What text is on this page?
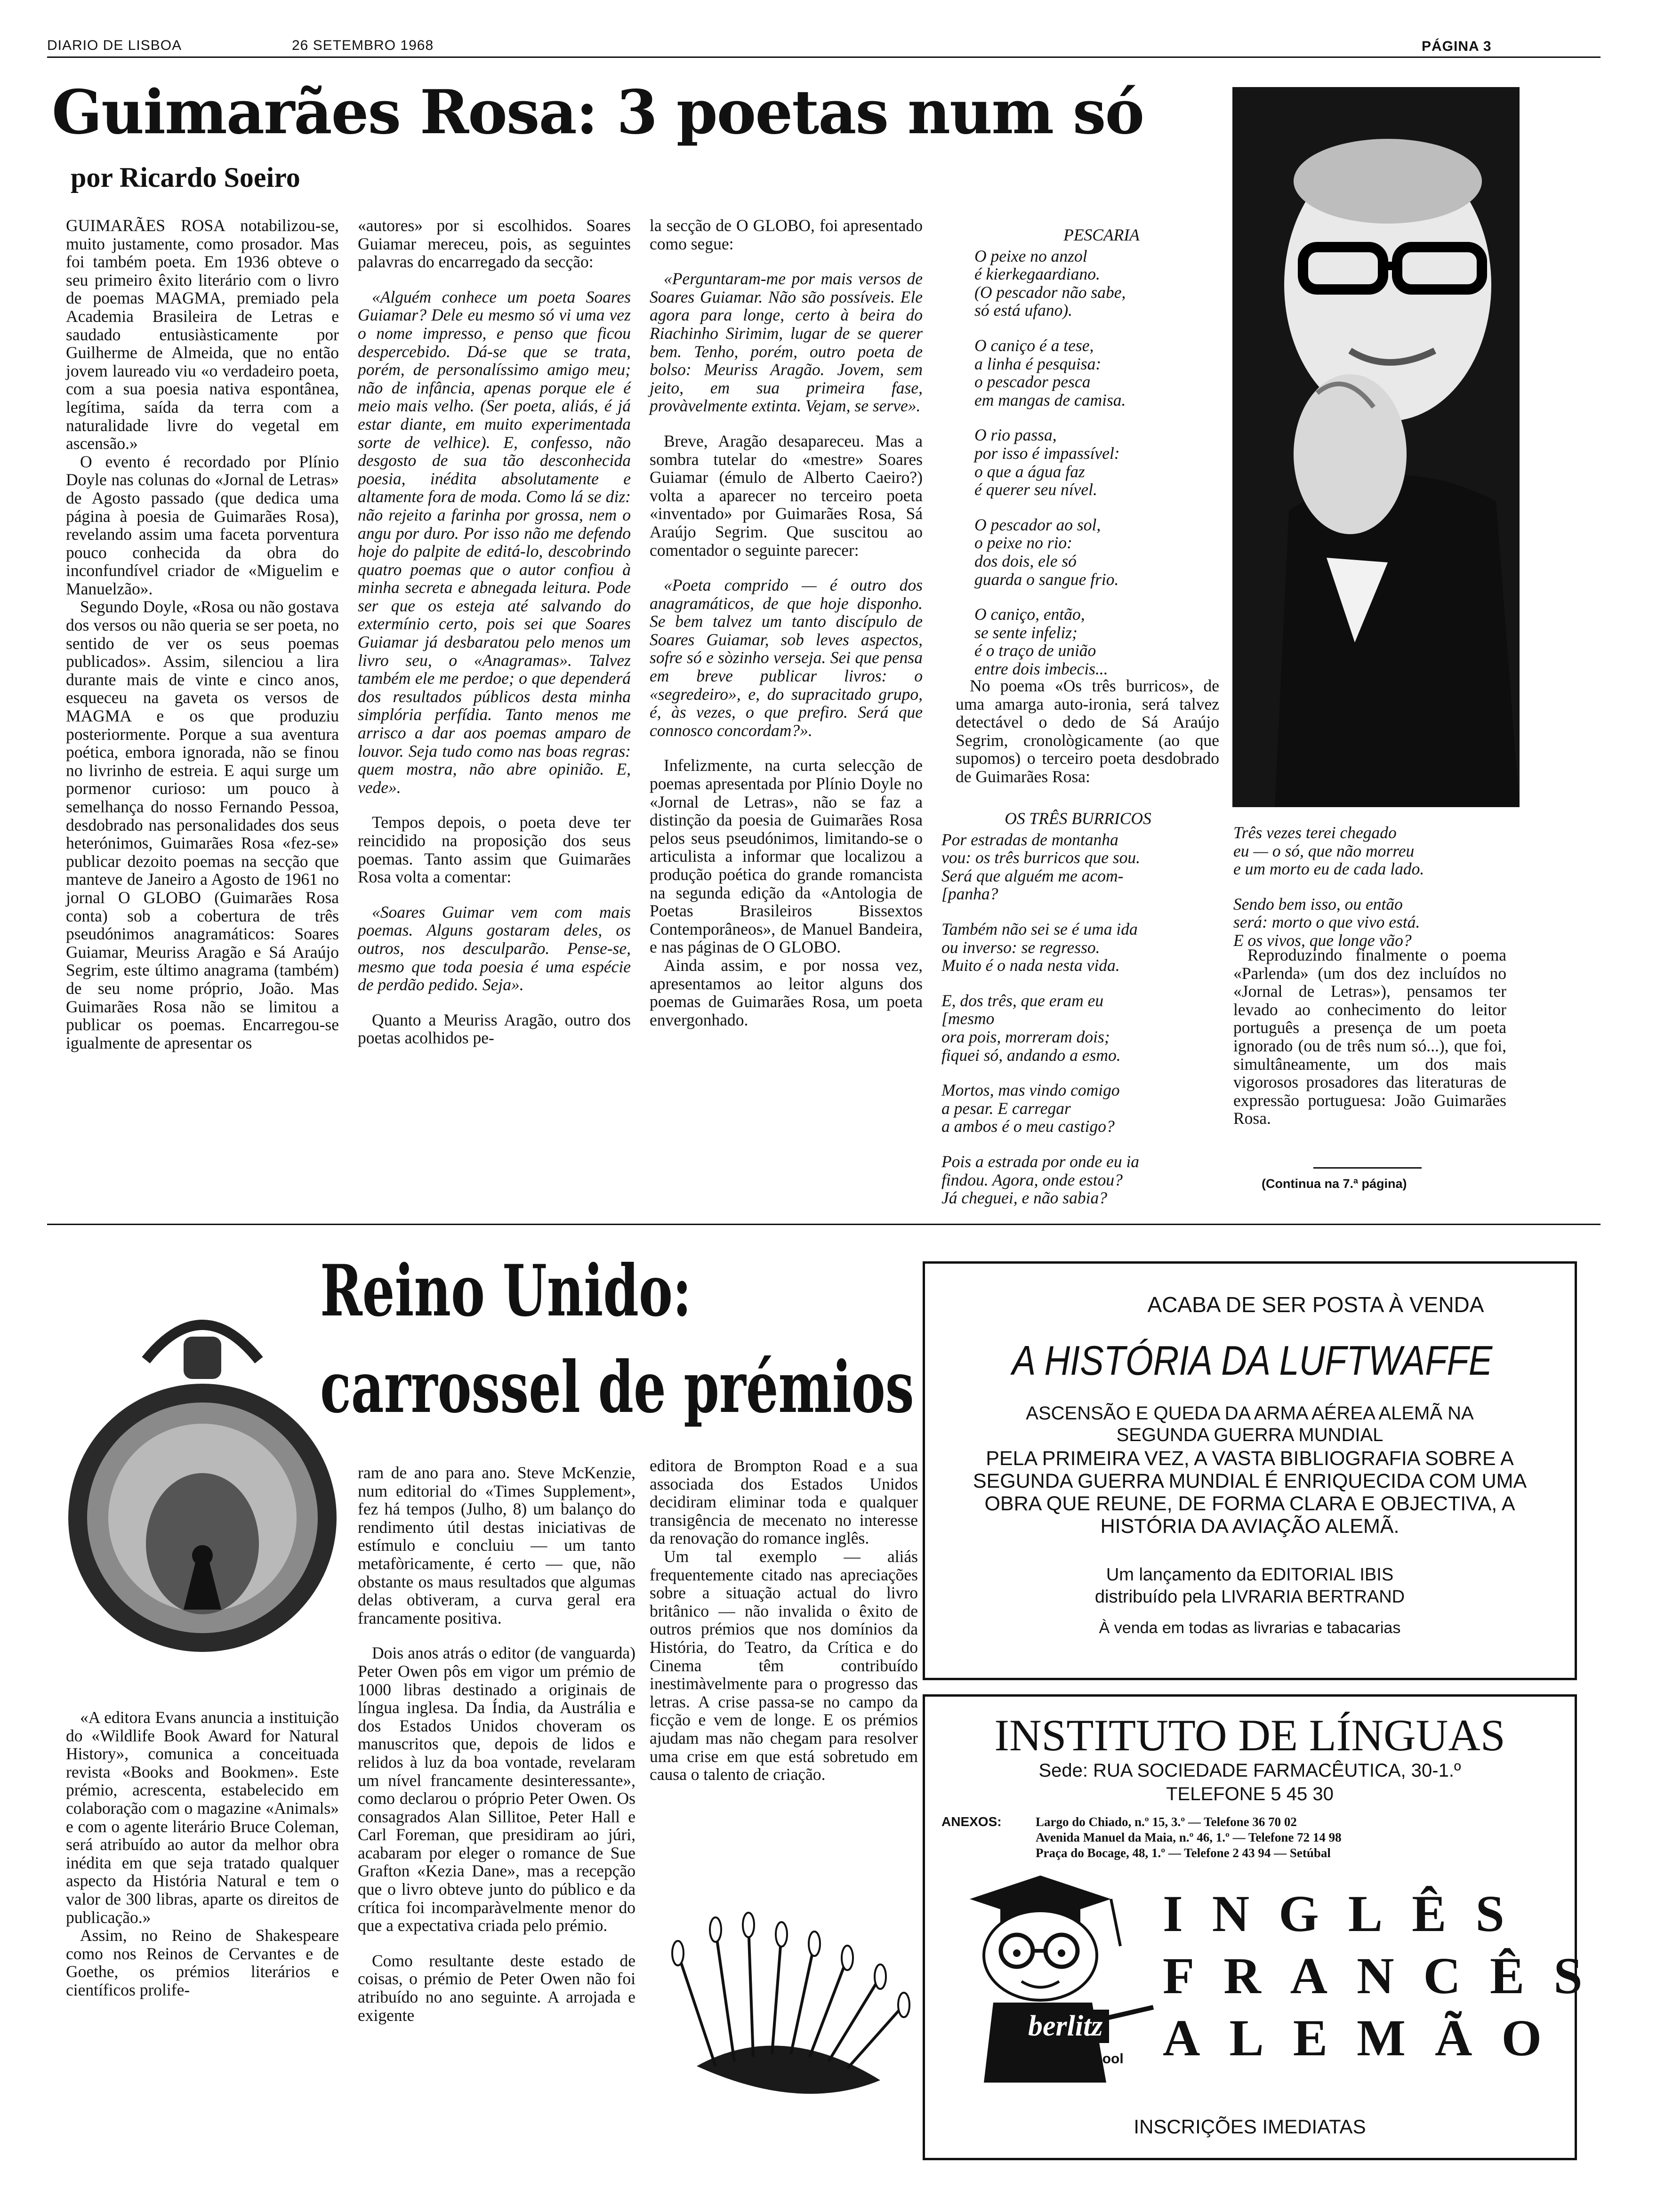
DIARIO DE LISBOA	26 SETEMBRO 1968	PÁGINA 3
Guimarães Rosa: 3 poetas num só
por Ricardo Soeiro

GUIMARÃES ROSA notabilizou-se, muito justamente, como prosador. Mas foi também poeta. Em 1936 obteve o seu primeiro êxito literário com o livro de poemas MAGMA, premiado pela Academia Brasileira de Letras e saudado entusiàsticamente por Guilherme de Almeida, que no então jovem laureado viu «o verdadeiro poeta, com a sua poesia nativa espontânea, legítima, saída da terra com a naturalidade livre do vegetal em ascensão.»

O evento é recordado por Plínio Doyle nas colunas do «Jornal de Letras» de Agosto passado (que dedica uma página à poesia de Guimarães Rosa), revelando assim uma faceta porventura pouco conhecida da obra do inconfundível criador de «Miguelim e Manuelzão».

Segundo Doyle, «Rosa ou não gostava dos versos ou não queria se ser poeta, no sentido de ver os seus poemas publicados». Assim, silenciou a lira durante mais de vinte e cinco anos, esqueceu na gaveta os versos de MAGMA e os que produziu posteriormente. Porque a sua aventura poética, embora ignorada, não se finou no livrinho de estreia. E aqui surge um pormenor curioso: um pouco à semelhança do nosso Fernando Pessoa, desdobrado nas personalidades dos seus heterónimos, Guimarães Rosa «fez-se» publicar dezoito poemas na secção que manteve de Janeiro a Agosto de 1961 no jornal O GLOBO (Guimarães Rosa conta) sob a cobertura de três pseudónimos anagramáticos: Soares Guiamar, Meuriss Aragão e Sá Araújo Segrim, este último anagrama (também) de seu nome próprio, João. Mas Guimarães Rosa não se limitou a publicar os poemas. Encarregou-se igualmente de apresentar os

«autores» por si escolhidos. Soares Guiamar mereceu, pois, as seguintes palavras do encarregado da secção:

«Alguém conhece um poeta Soares Guiamar? Dele eu mesmo só vi uma vez o nome impresso, e penso que ficou despercebido. Dá-se que se trata, porém, de personalíssimo amigo meu; não de infância, apenas porque ele é meio mais velho. (Ser poeta, aliás, é já estar diante, em muito experimentada sorte de velhice). E, confesso, não desgosto de sua tão desconhecida poesia, inédita absolutamente e altamente fora de moda. Como lá se diz: não rejeito a farinha por grossa, nem o angu por duro. Por isso não me defendo hoje do palpite de editá-lo, descobrindo quatro poemas que o autor confiou à minha secreta e abnegada leitura. Pode ser que os esteja até salvando do extermínio certo, pois sei que Soares Guiamar já desbaratou pelo menos um livro seu, o «Anagramas». Talvez também ele me perdoe; o que dependerá dos resultados públicos desta minha simplória perfídia. Tanto menos me arrisco a dar aos poemas amparo de louvor. Seja tudo como nas boas regras: quem mostra, não abre opinião. E, vede».

Tempos depois, o poeta deve ter reincidido na proposição dos seus poemas. Tanto assim que Guimarães Rosa volta a comentar:

«Soares Guimar vem com mais poemas. Alguns gostaram deles, os outros, nos desculparão. Pense-se, mesmo que toda poesia é uma espécie de perdão pedido. Seja».

Quanto a Meuriss Aragão, outro dos poetas acolhidos pe-

la secção de O GLOBO, foi apresentado como segue:

«Perguntaram-me por mais versos de Soares Guiamar. Não são possíveis. Ele agora para longe, certo à beira do Riachinho Sirimim, lugar de se querer bem. Tenho, porém, outro poeta de bolso: Meuriss Aragão. Jovem, sem jeito, em sua primeira fase, provàvelmente extinta. Vejam, se serve».

Breve, Aragão desapareceu. Mas a sombra tutelar do «mestre» Soares Guiamar (émulo de Alberto Caeiro?) volta a aparecer no terceiro poeta «inventado» por Guimarães Rosa, Sá Araújo Segrim. Que suscitou ao comentador o seguinte parecer:

«Poeta comprido — é outro dos anagramáticos, de que hoje disponho. Se bem talvez um tanto discípulo de Soares Guiamar, sob leves aspectos, sofre só e sòzinho verseja. Sei que pensa em breve publicar livros: o «segredeiro», e, do supracitado grupo, é, às vezes, o que prefiro. Será que connosco concordam?».

Infelizmente, na curta selecção de poemas apresentada por Plínio Doyle no «Jornal de Letras», não se faz a distinção da poesia de Guimarães Rosa pelos seus pseudónimos, limitando-se o articulista a informar que localizou a produção poética do grande romancista na segunda edição da «Antologia de Poetas Brasileiros Bissextos Contemporâneos», de Manuel Bandeira, e nas páginas de O GLOBO.

Ainda assim, e por nossa vez, apresentamos ao leitor alguns dos poemas de Guimarães Rosa, um poeta envergonhado.

PESCARIA

O peixe no anzol
é kierkegaardiano.
(O pescador não sabe,
só está ufano).

O caniço é a tese,
a linha é pesquisa:
o pescador pesca
em mangas de camisa.

O rio passa,
por isso é impassível:
o que a água faz
é querer seu nível.

O pescador ao sol,
o peixe no rio:
dos dois, ele só
guarda o sangue frio.

O caniço, então,
se sente infeliz;
é o traço de união
entre dois imbecis...

No poema «Os três burricos», de uma amarga auto-ironia, será talvez detectável o dedo de Sá Araújo Segrim, cronològicamente (ao que supomos) o terceiro poeta desdobrado de Guimarães Rosa:

OS TRÊS BURRICOS

Por estradas de montanha
vou: os três burricos que sou.
Será que alguém me acom-
[panha?

Também não sei se é uma ida
ou inverso: se regresso.
Muito é o nada nesta vida.

E, dos três, que eram eu
[mesmo
ora pois, morreram dois;
fiquei só, andando a esmo.

Mortos, mas vindo comigo
a pesar. E carregar
a ambos é o meu castigo?

Pois a estrada por onde eu ia
findou. Agora, onde estou?
Já cheguei, e não sabia?

Três vezes terei chegado
eu — o só, que não morreu
e um morto eu de cada lado.

Sendo bem isso, ou então
será: morto o que vivo está.
E os vivos, que longe vão?

Reproduzindo finalmente o poema «Parlenda» (um dos dez incluídos no «Jornal de Letras»), pensamos ter levado ao conhecimento do leitor português a presença de um poeta ignorado (ou de três num só...), que foi, simultâneamente, um dos mais vigorosos prosadores das literaturas de expressão portuguesa: João Guimarães Rosa.

(Continua na 7.ª página)
Reino Unido:
carrossel de prémios

«A editora Evans anuncia a instituição do «Wildlife Book Award for Natural History», comunica a conceituada revista «Books and Bookmen». Este prémio, acrescenta, estabelecido em colaboração com o magazine «Animals» e com o agente literário Bruce Coleman, será atribuído ao autor da melhor obra inédita em que seja tratado qualquer aspecto da História Natural e tem o valor de 300 libras, aparte os direitos de publicação.»

Assim, no Reino de Shakespeare como nos Reinos de Cervantes e de Goethe, os prémios literários e científicos prolife-

ram de ano para ano. Steve McKenzie, num editorial do «Times Supplement», fez há tempos (Julho, 8) um balanço do rendimento útil destas iniciativas de estímulo e concluiu — um tanto metafòricamente, é certo — que, não obstante os maus resultados que algumas delas obtiveram, a curva geral era francamente positiva.

Dois anos atrás o editor (de vanguarda) Peter Owen pôs em vigor um prémio de 1000 libras destinado a originais de língua inglesa. Da Índia, da Austrália e dos Estados Unidos choveram os manuscritos que, depois de lidos e relidos à luz da boa vontade, revelaram um nível francamente desinteressante», como declarou o próprio Peter Owen. Os consagrados Alan Sillitoe, Peter Hall e Carl Foreman, que presidiram ao júri, acabaram por eleger o romance de Sue Grafton «Kezia Dane», mas a recepção que o livro obteve junto do público e da crítica foi incomparàvelmente menor do que a expectativa criada pelo prémio.

Como resultante deste estado de coisas, o prémio de Peter Owen não foi atribuído no ano seguinte. A arrojada e exigente

editora de Brompton Road e a sua associada dos Estados Unidos decidiram eliminar toda e qualquer transigência de mecenato no interesse da renovação do romance inglês.

Um tal exemplo — aliás frequentemente citado nas apreciações sobre a situação actual do livro britânico — não invalida o êxito de outros prémios que nos domínios da História, do Teatro, da Crítica e do Cinema têm contribuído inestimàvelmente para o progresso das letras. A crise passa-se no campo da ficção e vem de longe. E os prémios ajudam mas não chegam para resolver uma crise em que está sobretudo em causa o talento de criação.

ACABA DE SER POSTA À VENDA
A HISTÓRIA DA LUFTWAFFE
ASCENSÃO E QUEDA DA ARMA AÉREA ALEMÃ NA SEGUNDA GUERRA MUNDIAL
PELA PRIMEIRA VEZ, A VASTA BIBLIOGRAFIA SOBRE A SEGUNDA GUERRA MUNDIAL É ENRIQUECIDA COM UMA OBRA QUE REUNE, DE FORMA CLARA E OBJECTIVA, A HISTÓRIA DA AVIAÇÃO ALEMÃ.
Um lançamento da EDITORIAL IBIS
distribuído pela LIVRARIA BERTRAND
À venda em todas as livrarias e tabacarias
INSTITUTO DE LÍNGUAS
Sede: RUA SOCIEDADE FARMACÊUTICA, 30-1.º
TELEFONE 5 45 30
ANEXOS:	Largo do Chiado, n.º 15, 3.º — Telefone 36 70 02
Avenida Manuel da Maia, n.º 46, 1.º — Telefone 72 14 98
Praça do Bocage, 48, 1.º — Telefone 2 43 94 — Setúbal
berlitz
school
INGLÊS
FRANCÊS
ALEMÃO
INSCRIÇÕES IMEDIATAS
